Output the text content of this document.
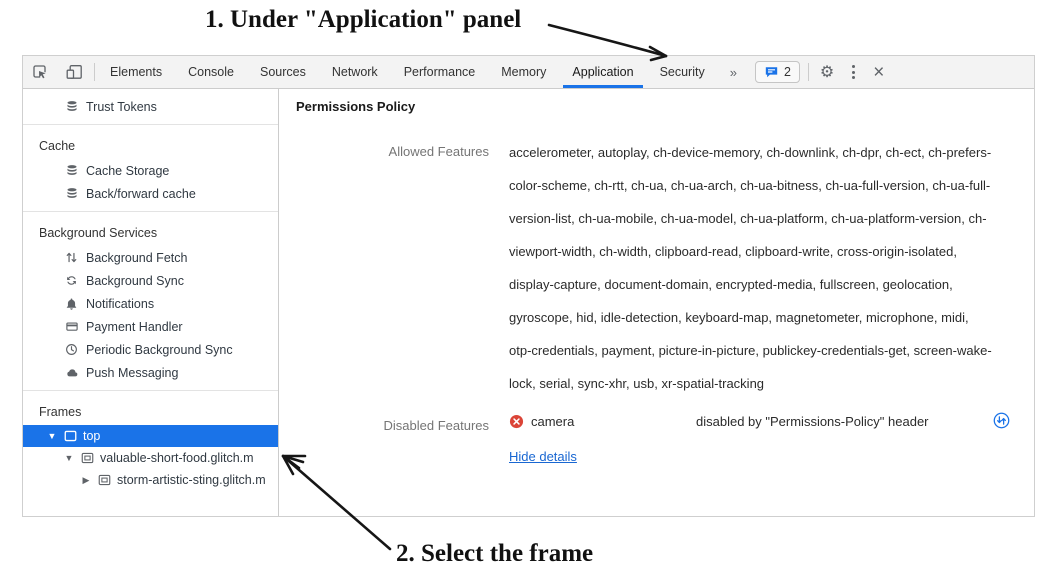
1. Under "Application" panel
Elements	Console	Sources	Network	Performance	Memory	Application	Security	»	2	⚙	×
Trust Tokens
Cache
Cache Storage
Back/forward cache
Background Services
Background Fetch
Background Sync
Notifications
Payment Handler
Periodic Background Sync
Push Messaging
Frames
▼ top
▼ valuable-short-food.glitch.m
▶ storm-artistic-sting.glitch.m
Permissions Policy
Allowed Features	accelerometer, autoplay, ch-device-memory, ch-downlink, ch-dpr, ch-ect, ch-prefers-color-scheme, ch-rtt, ch-ua, ch-ua-arch, ch-ua-bitness, ch-ua-full-version, ch-ua-full-version-list, ch-ua-mobile, ch-ua-model, ch-ua-platform, ch-ua-platform-version, ch-viewport-width, ch-width, clipboard-read, clipboard-write, cross-origin-isolated, display-capture, document-domain, encrypted-media, fullscreen, geolocation, gyroscope, hid, idle-detection, keyboard-map, magnetometer, microphone, midi, otp-credentials, payment, picture-in-picture, publickey-credentials-get, screen-wake-lock, serial, sync-xhr, usb, xr-spatial-tracking
Disabled Features	camera	disabled by "Permissions-Policy" header
Hide details
2. Select the frame
